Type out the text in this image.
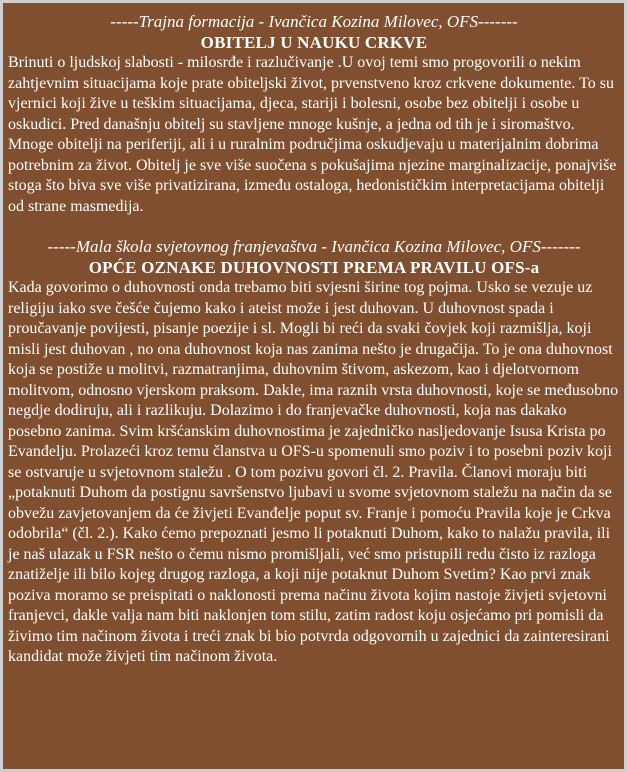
-----Trajna formacija - Ivančica Kozina Milovec, OFS-------

OBITELJ U NAUKU CRKVE

Brinuti o ljudskoj slabosti - milosrđe i razlučivanje .U ovoj temi smo progovorili o nekim zahtjevnim situacijama koje prate obiteljski život, prvenstveno kroz crkvene dokumente. To su vjernici koji žive u teškim situacijama, djeca, stariji i bolesni, osobe bez obitelji i osobe u oskudici. Pred današnju obitelj su stavljene mnoge kušnje, a jedna od tih je i siromaštvo. Mnoge obitelji na periferiji, ali i u ruralnim područjima oskudjevaju u materijalnim dobrima potrebnim za život. Obitelj je sve više suočena s pokušajima njezine marginalizacije, ponajviše stoga što biva sve više privatizirana, između ostaloga, hedonističkim interpretacijama obitelji od strane masmedija.

-----Mala škola svjetovnog franjevaštva - Ivančica Kozina Milovec, OFS-------

OPĆE OZNAKE DUHOVNOSTI PREMA PRAVILU OFS-a

Kada govorimo o duhovnosti onda trebamo biti svjesni širine tog pojma. Usko se vezuje uz religiju iako sve češće čujemo kako i ateist može i jest duhovan. U duhovnost spada i proučavanje povijesti, pisanje poezije i sl. Mogli bi reći da svaki čovjek koji razmišlja, koji misli jest duhovan , no ona duhovnost koja nas zanima nešto je drugačija. To je ona duhovnost koja se postiže u molitvi, razmatranjima, duhovnim štivom, askezom, kao i djelotvornom molitvom, odnosno vjerskom praksom. Dakle, ima raznih vrsta duhovnosti, koje se međusobno negdje dodiruju, ali i razlikuju. Dolazimo i do franjevačke duhovnosti, koja nas dakako posebno zanima. Svim kršćanskim duhovnostima je zajedničko nasljedovanje Isusa Krista po Evanđelju. Prolazeći kroz temu članstva u OFS-u spomenuli smo poziv i to posebni poziv koji se ostvaruje u svjetovnom staležu . O tom pozivu govori čl. 2. Pravila. Članovi moraju biti „potaknuti Duhom da postignu savršenstvo ljubavi u svome svjetovnom staležu na način da se obvežu zavjetovanjem da će živjeti Evanđelje poput sv. Franje i pomoću Pravila koje je Crkva odobrila“ (čl. 2.). Kako ćemo prepoznati jesmo li potaknuti Duhom, kako to nalažu pravila, ili je naš ulazak u FSR nešto o čemu nismo promišljali, već smo pristupili redu čisto iz razloga znatiželje ili bilo kojeg drugog razloga, a koji nije potaknut Duhom Svetim? Kao prvi znak poziva moramo se preispitati o naklonosti prema načinu života kojim nastoje živjeti svjetovni franjevci, dakle valja nam biti naklonjen tom stilu, zatim radost koju osjećamo pri pomisli da živimo tim načinom života i treći znak bi bio potvrda odgovornih u zajednici da zainteresirani kandidat može živjeti tim načinom života.
